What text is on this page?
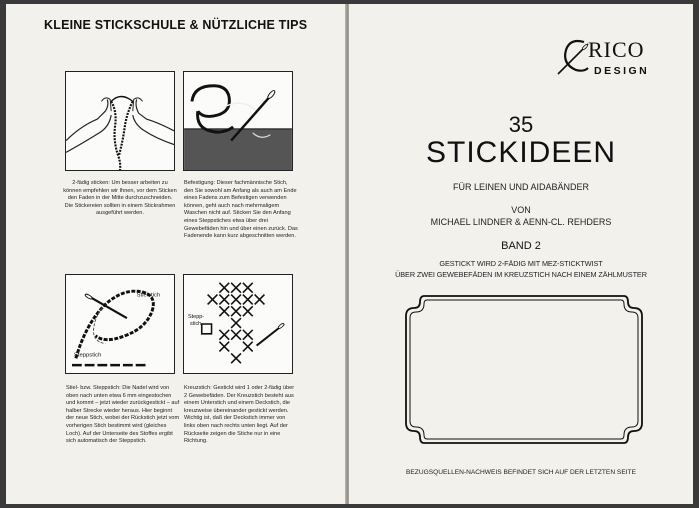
KLEINE STICKSCHULE & NÜTZLICHE TIPS
2-fädig sticken: Um besser arbeiten zu können empfehlen wir Ihnen, vor dem Sticken den Faden in der Mitte durchzuschneiden. Die Stickereien sollten in einem Stickrahmen ausgeführt werden.
Befestigung: Dieser fachmännische Stich, den Sie sowohl am Anfang als auch am Ende eines Fadens zum Befestigen verwenden können, geht auch nach mehrmaligem Waschen nicht auf. Sticken Sie den Anfang eines Steppstiches etwa über drei Gewebefäden hin und über einen zurück. Das Fadenende kann kurz abgeschnitten werden.
Stielstich
Steppstich
Stiel- bzw. Steppstich: Die Nadel wird von oben nach unten etwa 6 mm eingestochen und kommt – jetzt wieder zurückgestickt – auf halber Strecke wieder heraus. Hier beginnt der neue Stich, wobei der Rückstich jetzt vom vorherigen Stich bestimmt wird (gleiches Loch). Auf der Unterseite des Stoffes ergibt sich automatisch der Steppstich.
Stepp-
stich
Kreuzstich: Gestickt wird 1 oder 2-fädig über 2 Gewebefäden. Der Kreuzstich besteht aus einem Unterstich und einem Deckstich, die kreuzweise übereinander gestickt werden. Wichtig ist, daß der Deckstich immer von links oben nach rechts unten liegt. Auf der Rückseite zeigen die Stiche nur in eine Richtung.
RICO
DESIGN
35
STICKIDEEN
FÜR LEINEN UND AIDABÄNDER
VON
MICHAEL LINDNER & AENN-CL. REHDERS
BAND 2
GESTICKT WIRD 2-FÄDIG MIT MEZ-STICKTWIST
ÜBER ZWEI GEWEBEFÄDEN IM KREUZSTICH NACH EINEM ZÄHLMUSTER
BEZUGSQUELLEN-NACHWEIS BEFINDET SICH AUF DER LETZTEN SEITE
